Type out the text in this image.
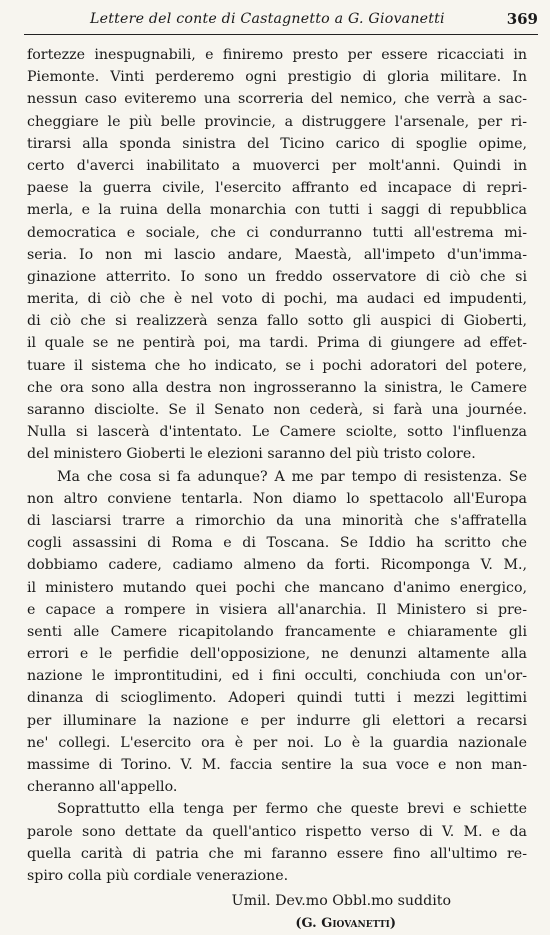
Lettere del conte di Castagnetto a G. Giovanetti	369
fortezze inespugnabili, e finiremo presto per essere ricacciati in
Piemonte. Vinti perderemo ogni prestigio di gloria militare. In
nessun caso eviteremo una scorreria del nemico, che verrà a sac-
cheggiare le più belle provincie, a distruggere l'arsenale, per ri-
tirarsi alla sponda sinistra del Ticino carico di spoglie opime,
certo d'averci inabilitato a muoverci per molt'anni. Quindi in
paese la guerra civile, l'esercito affranto ed incapace di repri-
merla, e la ruina della monarchia con tutti i saggi di repubblica
democratica e sociale, che ci condurranno tutti all'estrema mi-
seria. Io non mi lascio andare, Maestà, all'impeto d'un'imma-
ginazione atterrito. Io sono un freddo osservatore di ciò che si
merita, di ciò che è nel voto di pochi, ma audaci ed impudenti,
di ciò che si realizzerà senza fallo sotto gli auspici di Gioberti,
il quale se ne pentirà poi, ma tardi. Prima di giungere ad effet-
tuare il sistema che ho indicato, se i pochi adoratori del potere,
che ora sono alla destra non ingrosseranno la sinistra, le Camere
saranno disciolte. Se il Senato non cederà, si farà una journée.
Nulla si lascerà d'intentato. Le Camere sciolte, sotto l'influenza
del ministero Gioberti le elezioni saranno del più tristo colore.
Ma che cosa si fa adunque? A me par tempo di resistenza. Se
non altro conviene tentarla. Non diamo lo spettacolo all'Europa
di lasciarsi trarre a rimorchio da una minorità che s'affratella
cogli assassini di Roma e di Toscana. Se Iddio ha scritto che
dobbiamo cadere, cadiamo almeno da forti. Ricomponga V. M.,
il ministero mutando quei pochi che mancano d'animo energico,
e capace a rompere in visiera all'anarchia. Il Ministero si pre-
senti alle Camere ricapitolando francamente e chiaramente gli
errori e le perfidie dell'opposizione, ne denunzi altamente alla
nazione le improntitudini, ed i fini occulti, conchiuda con un'or-
dinanza di scioglimento. Adoperi quindi tutti i mezzi legittimi
per illuminare la nazione e per indurre gli elettori a recarsi
ne' collegi. L'esercito ora è per noi. Lo è la guardia nazionale
massime di Torino. V. M. faccia sentire la sua voce e non man-
cheranno all'appello.
Soprattutto ella tenga per fermo che queste brevi e schiette
parole sono dettate da quell'antico rispetto verso di V. M. e da
quella carità di patria che mi faranno essere fino all'ultimo re-
spiro colla più cordiale venerazione.
Umil. Dev.mo Obbl.mo suddito
(G. Giovanetti)
